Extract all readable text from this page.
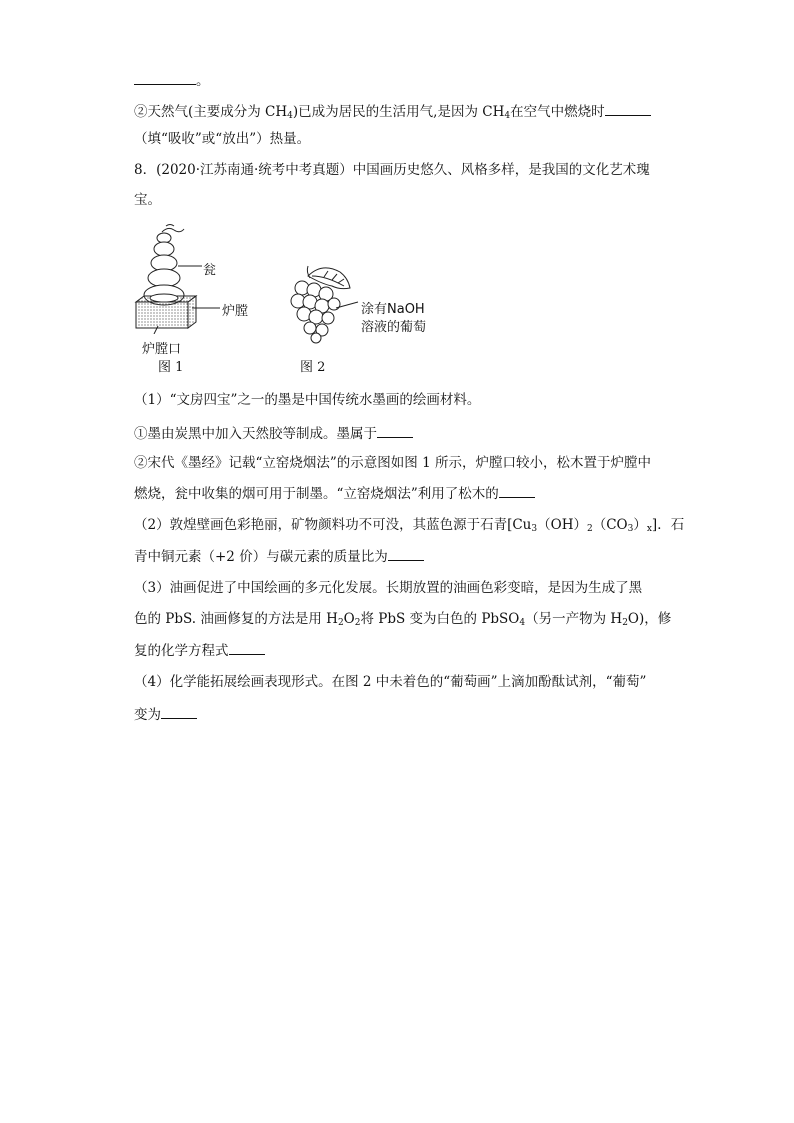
。
②天然气(主要成分为 $CH_4$)已成为居民的生活用气,是因为 $CH_4$在空气中燃烧时
（填“吸收”或“放出”）热量。
8．(2020·江苏南通·统考中考真题）中国画历史悠久、风格多样，是我国的文化艺术瑰
宝。
瓮
炉膛
炉膛口
图 1
涂有NaOH
溶液的葡萄
图 2
（1）“文房四宝”之一的墨是中国传统水墨画的绘画材料。
①墨由炭黑中加入天然胶等制成。墨属于
②宋代《墨经》记载“立窑烧烟法”的示意图如图 1 所示，炉膛口较小，松木置于炉膛中
燃烧，瓮中收集的烟可用于制墨。“立窑烧烟法”利用了松木的
（2）敦煌壁画色彩艳丽，矿物颜料功不可没，其蓝色源于石青$[Cu_3(OH)_2(CO_3)_x]$．石
青中铜元素（+2 价）与碳元素的质量比为
（3）油画促进了中国绘画的多元化发展。长期放置的油画色彩变暗，是因为生成了黑
色的 PbS. 油画修复的方法是用 $H_2O_2$将 PbS 变为白色的 PbSO$_4$（另一产物为 $H_2O$)，修
复的化学方程式
（4）化学能拓展绘画表现形式。在图 2 中未着色的“葡萄画”上滴加酚酞试剂，“葡萄”
变为
